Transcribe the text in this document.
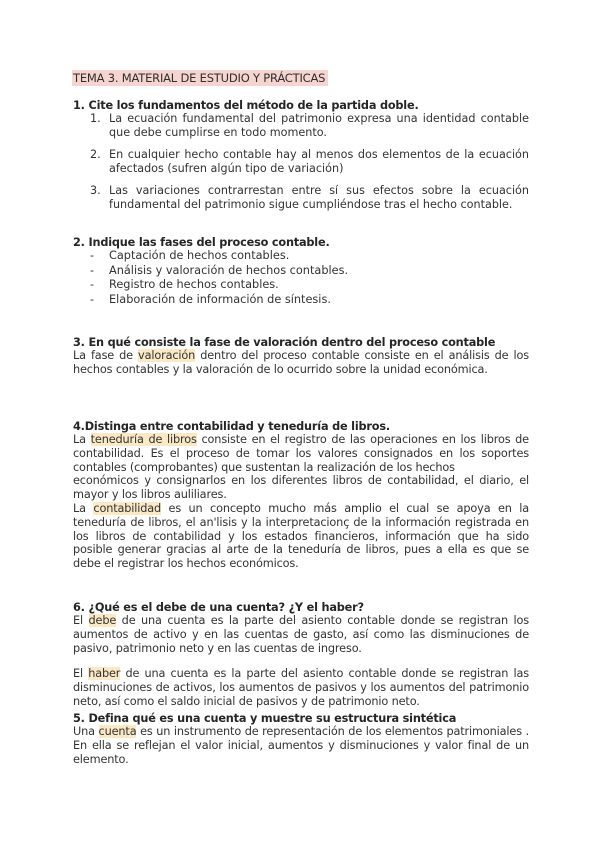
TEMA 3. MATERIAL DE ESTUDIO Y PRÁCTICAS
1. Cite los fundamentos del método de la partida doble.
1. La ecuación fundamental del patrimonio expresa una identidad contable que debe cumplirse en todo momento.
2. En cualquier hecho contable hay al menos dos elementos de la ecuación afectados (sufren algún tipo de variación)
3. Las variaciones contrarrestan entre sí sus efectos sobre la ecuación fundamental del patrimonio sigue cumpliéndose tras el hecho contable.
2. Indique las fases del proceso contable.
- Captación de hechos contables.
- Análisis y valoración de hechos contables.
- Registro de hechos contables.
- Elaboración de información de síntesis.
3. En qué consiste la fase de valoración dentro del proceso contable
La fase de valoración dentro del proceso contable consiste en el análisis de los hechos contables y la valoración de lo ocurrido sobre la unidad económica.
4.Distinga entre contabilidad y teneduría de libros.
La teneduría de libros consiste en el registro de las operaciones en los libros de contabilidad. Es el proceso de tomar los valores consignados en los soportes contables (comprobantes) que sustentan la realización de los hechos
económicos y consignarlos en los diferentes libros de contabilidad, el diario, el mayor y los libros auliliares.
La contabilidad es un concepto mucho más amplio el cual se apoya en la teneduría de libros, el an'lisis y la interpretacionç de la información registrada en los libros de contabilidad y los estados financieros, información que ha sido posible generar gracias al arte de la teneduría de libros, pues a ella es que se debe el registrar los hechos económicos.
6. ¿Qué es el debe de una cuenta? ¿Y el haber?
El debe de una cuenta es la parte del asiento contable donde se registran los aumentos de activo y en las cuentas de gasto, así como las disminuciones de pasivo, patrimonio neto y en las cuentas de ingreso.
El haber de una cuenta es la parte del asiento contable donde se registran las disminuciones de activos, los aumentos de pasivos y los aumentos del patrimonio neto, así como el saldo inicial de pasivos y de patrimonio neto.
5. Defina qué es una cuenta y muestre su estructura sintética
Una cuenta es un instrumento de representación de los elementos patrimoniales . En ella se reflejan el valor inicial, aumentos y disminuciones y valor final de un elemento.
